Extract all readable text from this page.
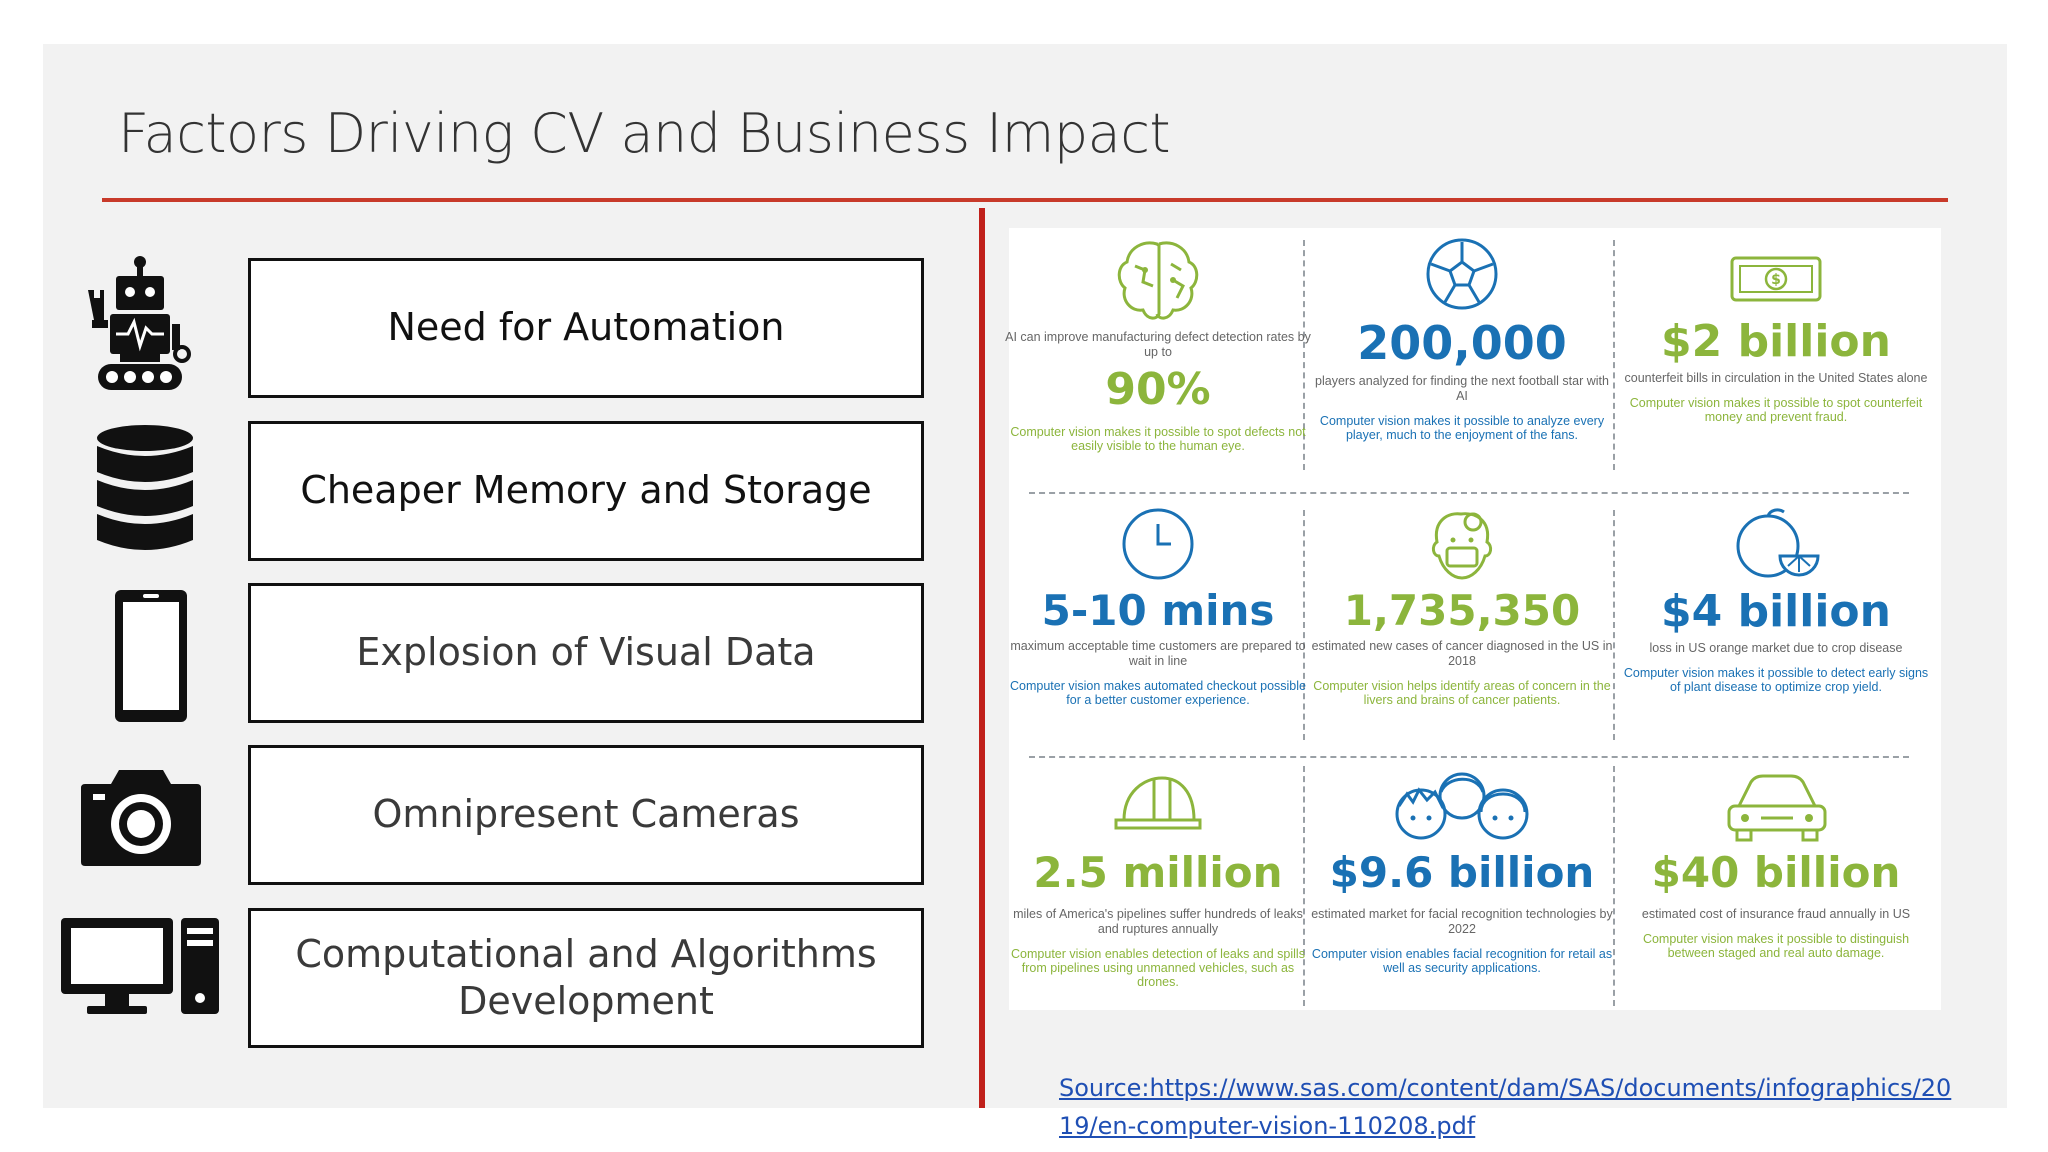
Factors Driving CV and Business Impact
Need for Automation
Cheaper Memory and Storage
Explosion of Visual Data
Omnipresent Cameras
Computational and Algorithms Development
AI can improve manufacturing defect detection rates by up to
90%
Computer vision makes it possible to spot defects not easily visible to the human eye.
200,000
players analyzed for finding the next football star with AI
Computer vision makes it possible to analyze every player, much to the enjoyment of the fans.
$
$2 billion
counterfeit bills in circulation in the United States alone
Computer vision makes it possible to spot counterfeit money and prevent fraud.
5-10 mins
maximum acceptable time customers are prepared to wait in line
Computer vision makes automated checkout possible for a better customer experience.
1,735,350
estimated new cases of cancer diagnosed in the US in 2018
Computer vision helps identify areas of concern in the livers and brains of cancer patients.
$4 billion
loss in US orange market due to crop disease
Computer vision makes it possible to detect early signs of plant disease to optimize crop yield.
2.5 million
miles of America's pipelines suffer hundreds of leaks and ruptures annually
Computer vision enables detection of leaks and spills from pipelines using unmanned vehicles, such as drones.
$9.6 billion
estimated market for facial recognition technologies by 2022
Computer vision enables facial recognition for retail as well as security applications.
$40 billion
estimated cost of insurance fraud annually in US
Computer vision makes it possible to distinguish between staged and real auto damage.
Source:https://www.sas.com/content/dam/SAS/documents/infographics/2019/en-computer-vision-110208.pdf
